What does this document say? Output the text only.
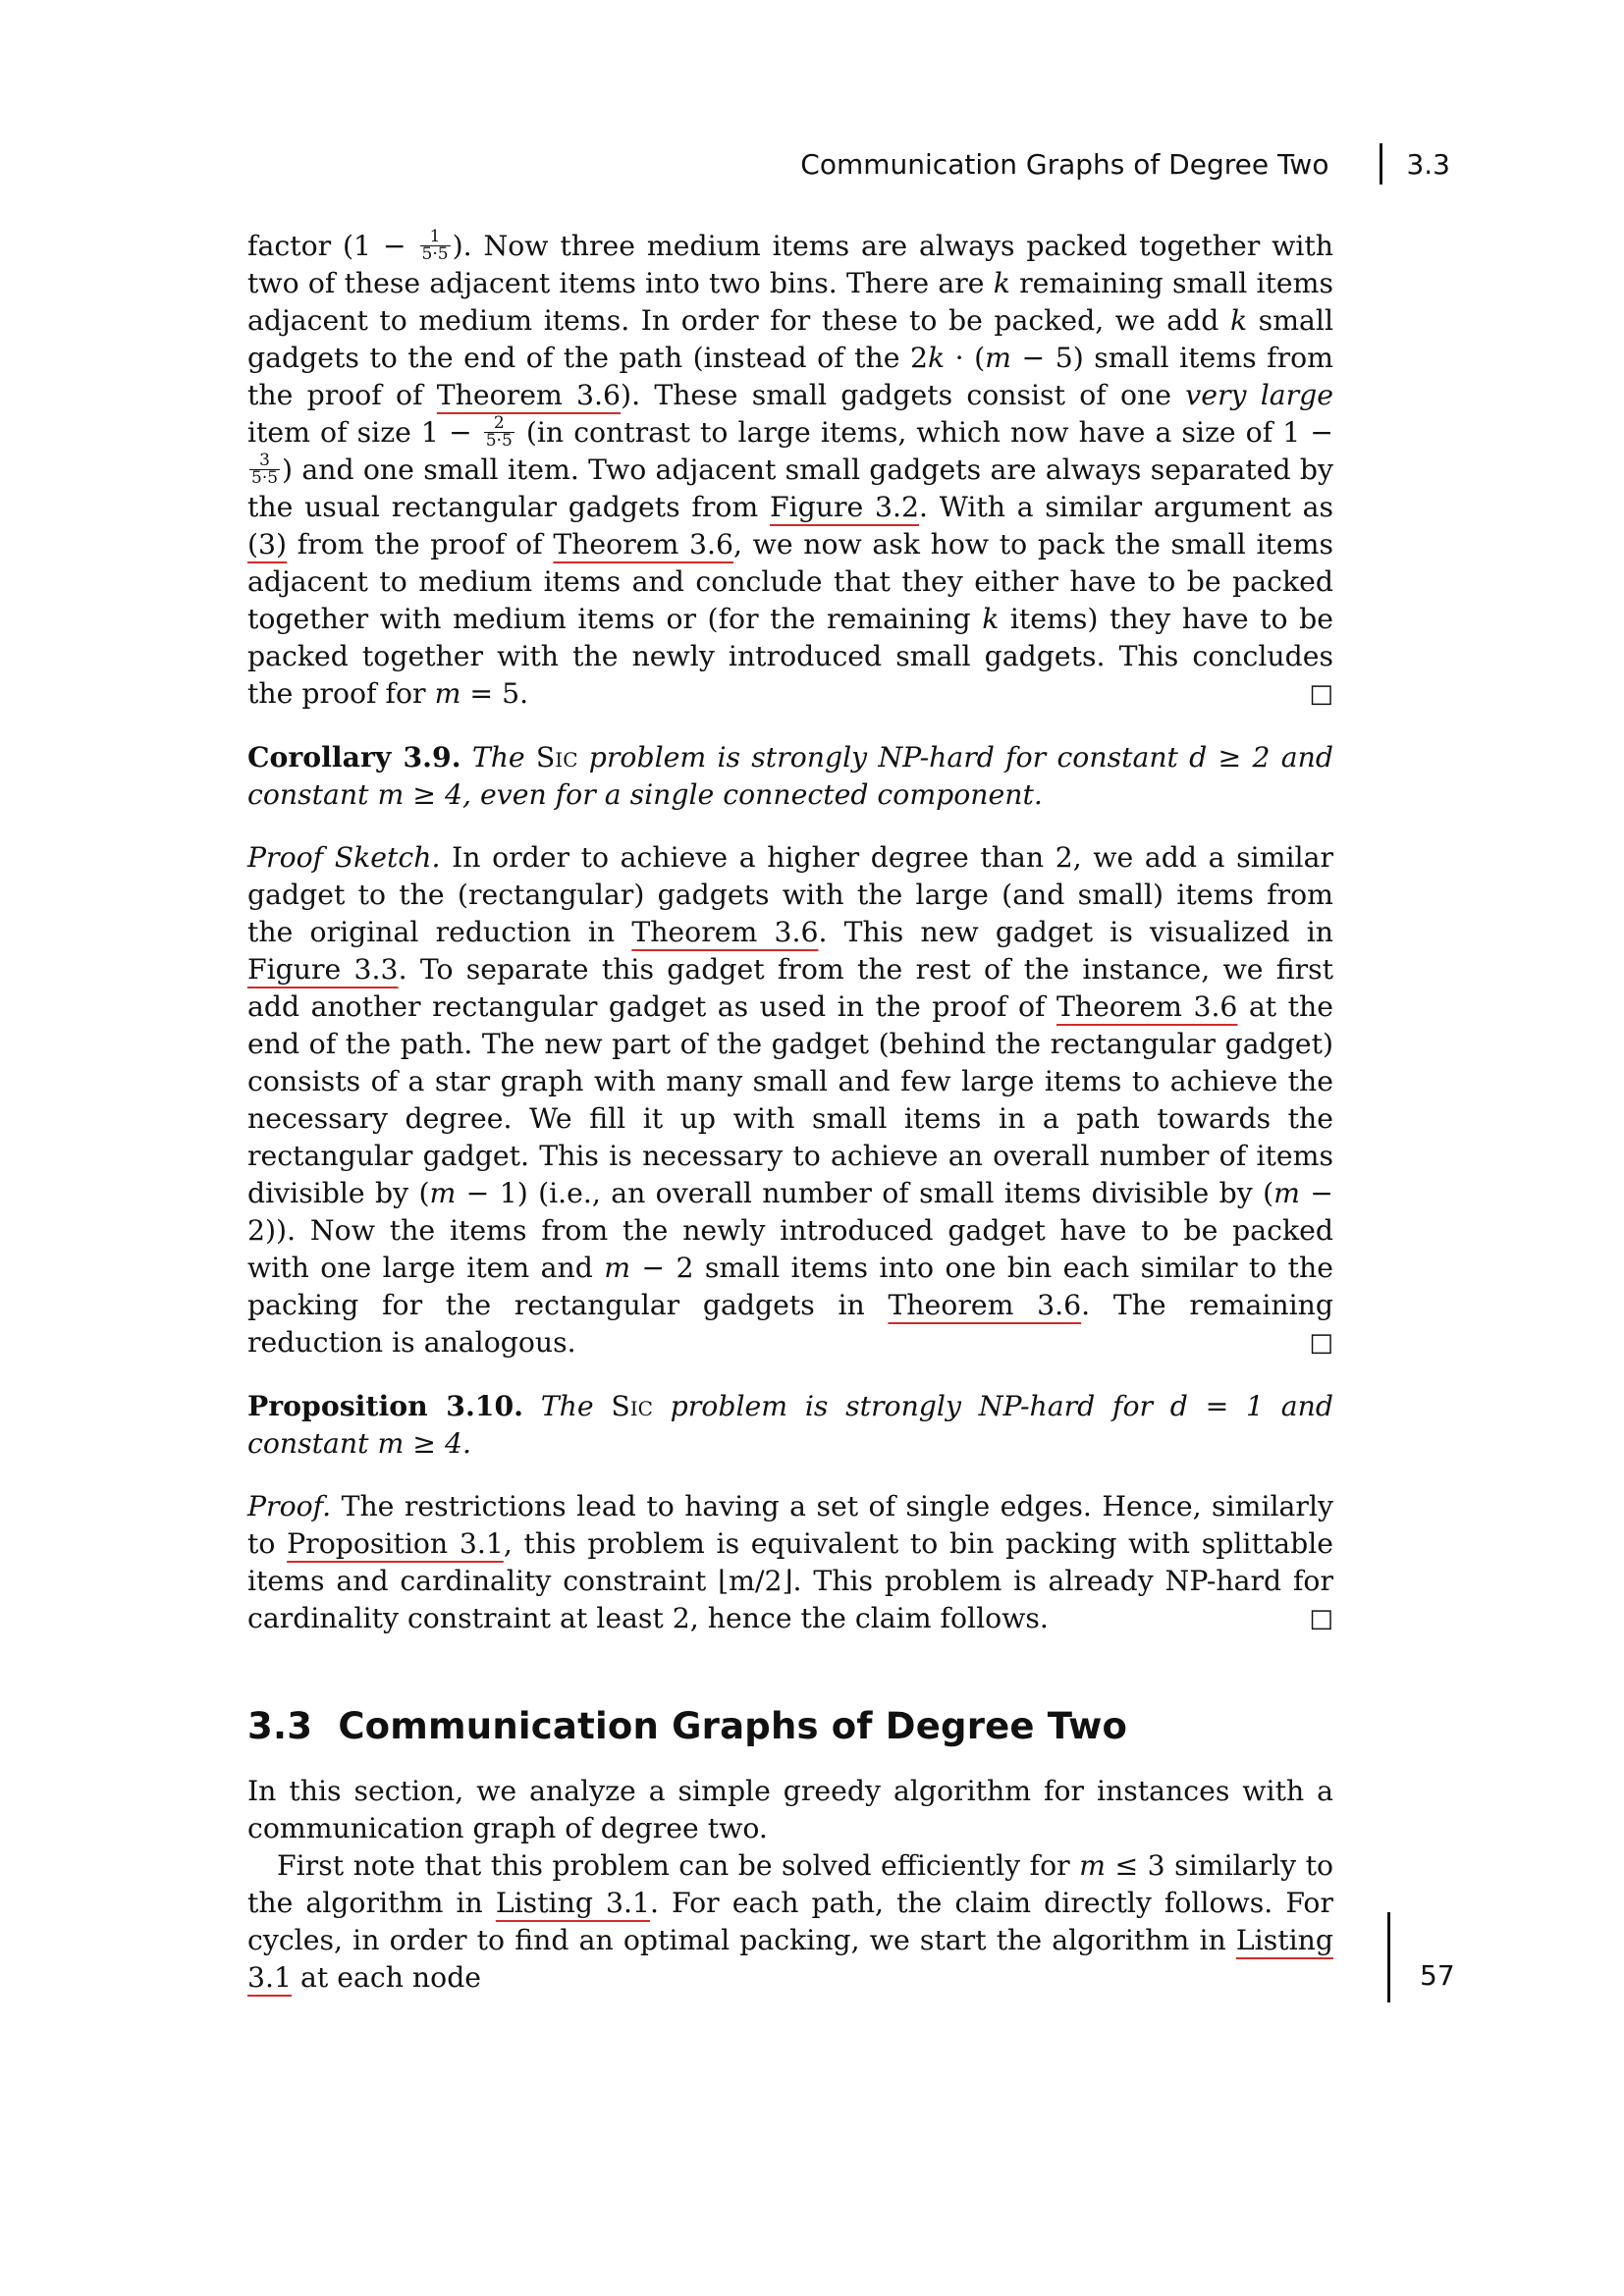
Communication Graphs of Degree Two	3.3

factor ($1 - \frac{1}{5\cdot 5}$ ). Now three medium items are always packed together with two of these adjacent items into two bins. There are k remaining small items adjacent to medium items. In order for these to be packed, we add k small gadgets to the end of the path (instead of the 2k · (m − 5) small items from the proof of Theorem 3.6). These small gadgets consist of one very large item of size $1 - \frac{2}{5\cdot 5} (in$ contrast to large items, which now have a size of 1 −
$\frac{3}{5\cdot 5}$ ) and one small item. Two adjacent small gadgets are always separated by the usual rectangular gadgets from Figure 3.2. With a similar argument as (3) from the proof of Theorem 3.6, we now ask how to pack the small items adjacent to medium items and conclude that they either have to be packed together with medium items or (for the remaining k items) they have to be packed together with the newly introduced small gadgets. This concludes the proof for m = 5.	□

Corollary 3.9. The Sic problem is strongly NP-hard for constant d ≥ 2 and constant m ≥ 4, even for a single connected component.

Proof Sketch. In order to achieve a higher degree than 2, we add a similar gadget to the (rectangular) gadgets with the large (and small) items from the original reduction in Theorem 3.6. This new gadget is visualized in Figure 3.3. To separate this gadget from the rest of the instance, we first add another rectangular gadget as used in the proof of Theorem 3.6 at the end of the path. The new part of the gadget (behind the rectangular gadget) consists of a star graph with many small and few large items to achieve the necessary degree. We fill it up with small items in a path towards the rectangular gadget. This is necessary to achieve an overall number of items divisible by (m − 1) (i.e., an overall number of small items divisible by (m − 2)). Now the items from the newly introduced gadget have to be packed with one large item and m − 2 small items into one bin each similar to the packing for the rectangular gadgets in Theorem 3.6. The remaining reduction is analogous.	□

Proposition 3.10. The Sic problem is strongly NP-hard for d = 1 and constant m ≥ 4.

Proof. The restrictions lead to having a set of single edges. Hence, similarly to Proposition 3.1, this problem is equivalent to bin packing with splittable items and cardinality constraint ⌊m/2⌋. This problem is already NP-hard for cardinality constraint at least 2, hence the claim follows.	□

3.3 Communication Graphs of Degree Two

In this section, we analyze a simple greedy algorithm for instances with a communication graph of degree two.

First note that this problem can be solved efficiently for m ≤ 3 similarly to the algorithm in Listing 3.1. For each path, the claim directly follows. For cycles, in order to find an optimal packing, we start the algorithm in Listing 3.1 at each node	57
